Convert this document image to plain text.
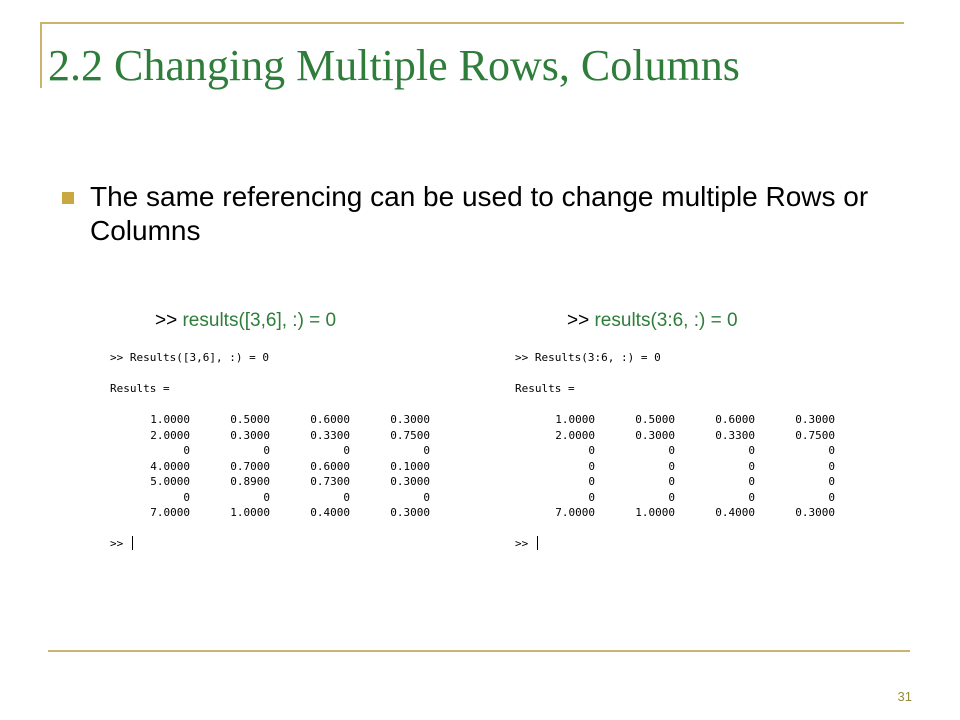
2.2 Changing Multiple Rows, Columns
The same referencing can be used to change multiple Rows or Columns
>> results([3,6], :) = 0	>> results(3:6, :) = 0
>> Results([3,6], :) = 0
Results =
1.0000	0.5000	0.6000	0.3000
2.0000	0.3000	0.3300	0.7500
0	0	0	0
4.0000	0.7000	0.6000	0.1000
5.0000	0.8900	0.7300	0.3000
0	0	0	0
7.0000	1.0000	0.4000	0.3000
>>
>> Results(3:6, :) = 0
Results =
1.0000	0.5000	0.6000	0.3000
2.0000	0.3000	0.3300	0.7500
0	0	0	0
0	0	0	0
0	0	0	0
0	0	0	0
7.0000	1.0000	0.4000	0.3000
>>
31
